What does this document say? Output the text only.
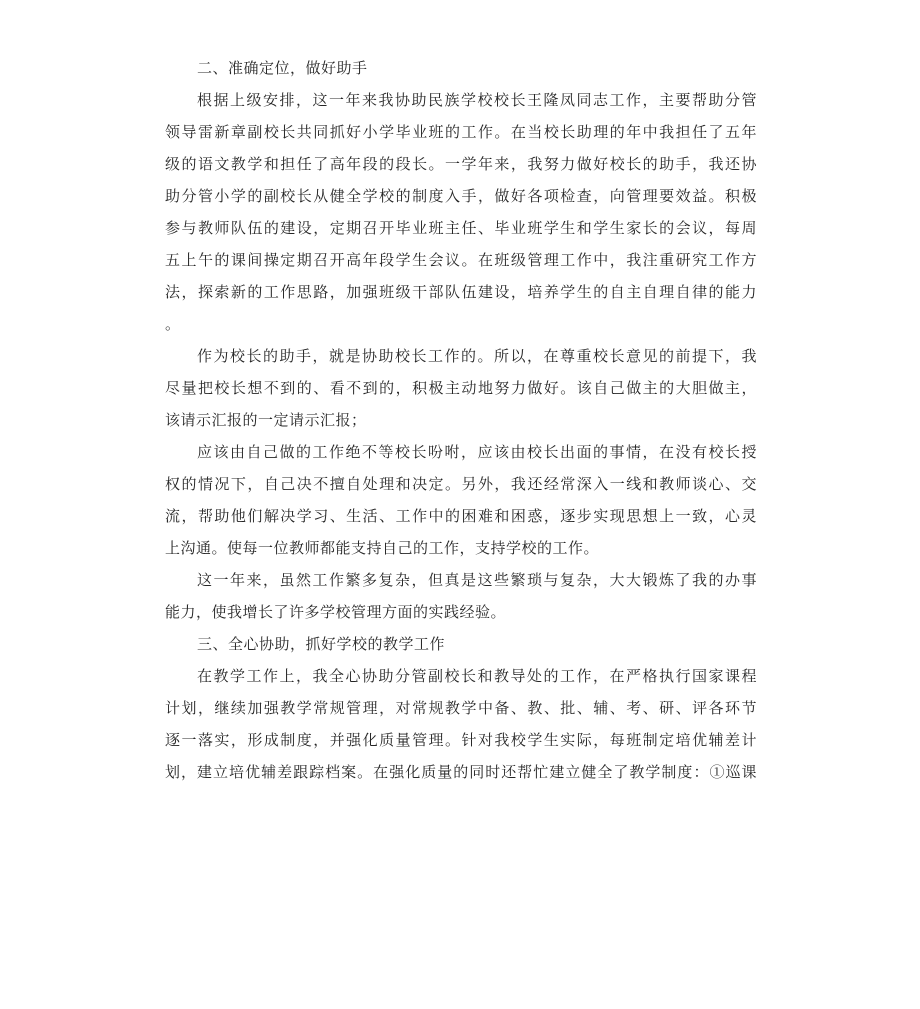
二、准确定位，做好助手
根据上级安排，这一年来我协助民族学校校长王隆凤同志工作，主要帮助分管
领导雷新章副校长共同抓好小学毕业班的工作。在当校长助理的年中我担任了五年
级的语文教学和担任了高年段的段长。一学年来，我努力做好校长的助手，我还协
助分管小学的副校长从健全学校的制度入手，做好各项检查，向管理要效益。积极
参与教师队伍的建设，定期召开毕业班主任、毕业班学生和学生家长的会议，每周
五上午的课间操定期召开高年段学生会议。在班级管理工作中，我注重研究工作方
法，探索新的工作思路，加强班级干部队伍建设，培养学生的自主自理自律的能力
。
作为校长的助手，就是协助校长工作的。所以，在尊重校长意见的前提下，我
尽量把校长想不到的、看不到的，积极主动地努力做好。该自己做主的大胆做主，
该请示汇报的一定请示汇报；
应该由自己做的工作绝不等校长吩咐，应该由校长出面的事情，在没有校长授
权的情况下，自己决不擅自处理和决定。另外，我还经常深入一线和教师谈心、交
流，帮助他们解决学习、生活、工作中的困难和困惑，逐步实现思想上一致，心灵
上沟通。使每一位教师都能支持自己的工作，支持学校的工作。
这一年来，虽然工作繁多复杂，但真是这些繁琐与复杂，大大锻炼了我的办事
能力，使我增长了许多学校管理方面的实践经验。
三、全心协助，抓好学校的教学工作
在教学工作上，我全心协助分管副校长和教导处的工作，在严格执行国家课程
计划，继续加强教学常规管理，对常规教学中备、教、批、辅、考、研、评各环节
逐一落实，形成制度，并强化质量管理。针对我校学生实际，每班制定培优辅差计
划，建立培优辅差跟踪档案。在强化质量的同时还帮忙建立健全了教学制度：①巡课
